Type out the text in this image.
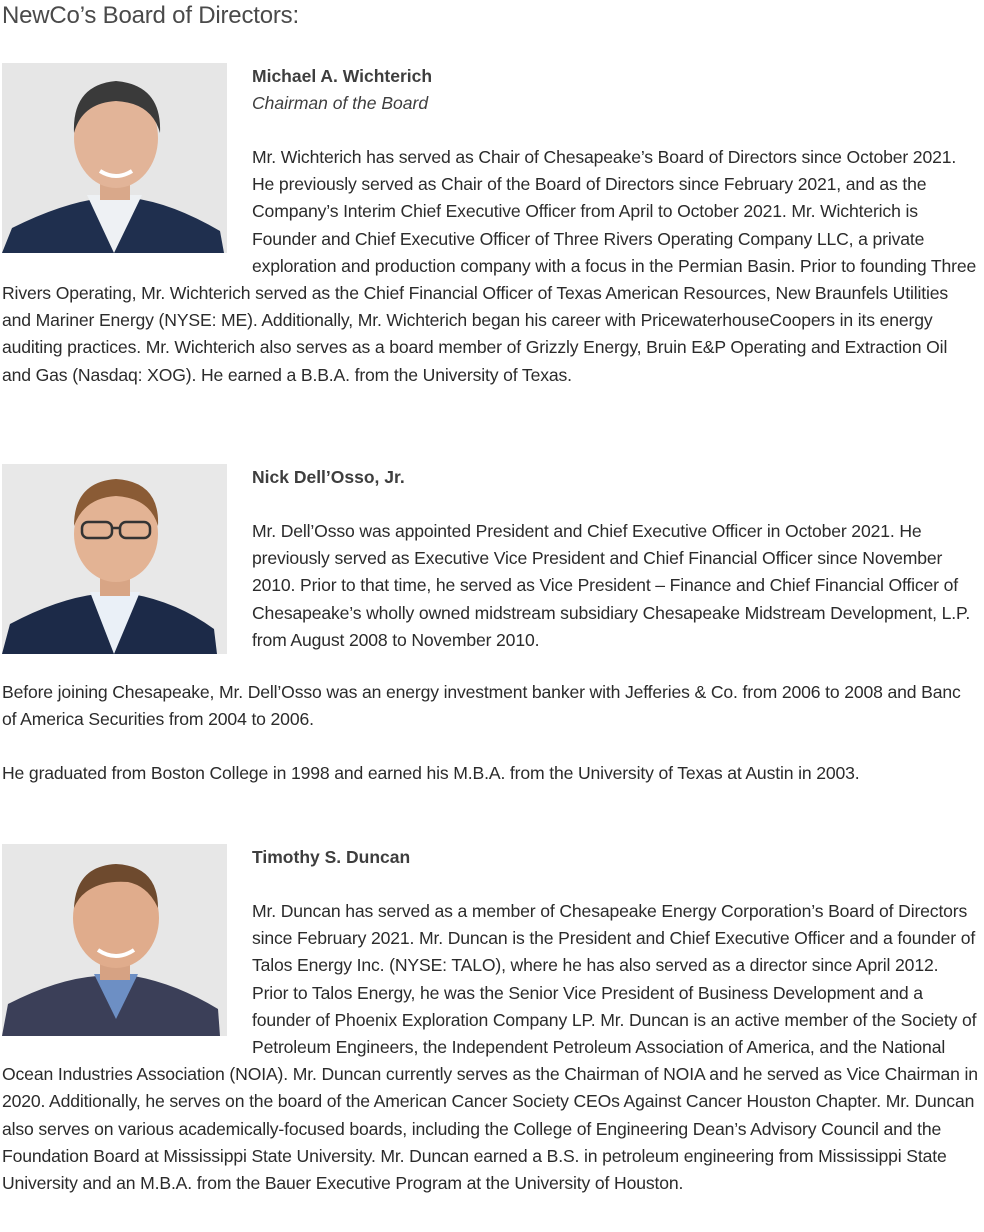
NewCo’s Board of Directors:

Michael A. Wichterich

Chairman of the Board

Mr. Wichterich has served as Chair of Chesapeake’s Board of Directors since October 2021. He previously served as Chair of the Board of Directors since February 2021, and as the Company’s Interim Chief Executive Officer from April to October 2021. Mr. Wichterich is Founder and Chief Executive Officer of Three Rivers Operating Company LLC, a private exploration and production company with a focus in the Permian Basin. Prior to founding Three Rivers Operating, Mr. Wichterich served as the Chief Financial Officer of Texas American Resources, New Braunfels Utilities and Mariner Energy (NYSE: ME). Additionally, Mr. Wichterich began his career with PricewaterhouseCoopers in its energy auditing practices. Mr. Wichterich also serves as a board member of Grizzly Energy, Bruin E&P Operating and Extraction Oil and Gas (Nasdaq: XOG). He earned a B.B.A. from the University of Texas.

Nick Dell’Osso, Jr.

Mr. Dell’Osso was appointed President and Chief Executive Officer in October 2021. He previously served as Executive Vice President and Chief Financial Officer since November 2010. Prior to that time, he served as Vice President – Finance and Chief Financial Officer of Chesapeake’s wholly owned midstream subsidiary Chesapeake Midstream Development, L.P. from August 2008 to November 2010.

Before joining Chesapeake, Mr. Dell’Osso was an energy investment banker with Jefferies & Co. from 2006 to 2008 and Banc of America Securities from 2004 to 2006.

He graduated from Boston College in 1998 and earned his M.B.A. from the University of Texas at Austin in 2003.

Timothy S. Duncan

Mr. Duncan has served as a member of Chesapeake Energy Corporation’s Board of Directors since February 2021. Mr. Duncan is the President and Chief Executive Officer and a founder of Talos Energy Inc. (NYSE: TALO), where he has also served as a director since April 2012. Prior to Talos Energy, he was the Senior Vice President of Business Development and a founder of Phoenix Exploration Company LP. Mr. Duncan is an active member of the Society of Petroleum Engineers, the Independent Petroleum Association of America, and the National Ocean Industries Association (NOIA). Mr. Duncan currently serves as the Chairman of NOIA and he served as Vice Chairman in 2020. Additionally, he serves on the board of the American Cancer Society CEOs Against Cancer Houston Chapter. Mr. Duncan also serves on various academically-focused boards, including the College of Engineering Dean’s Advisory Council and the Foundation Board at Mississippi State University. Mr. Duncan earned a B.S. in petroleum engineering from Mississippi State University and an M.B.A. from the Bauer Executive Program at the University of Houston.
